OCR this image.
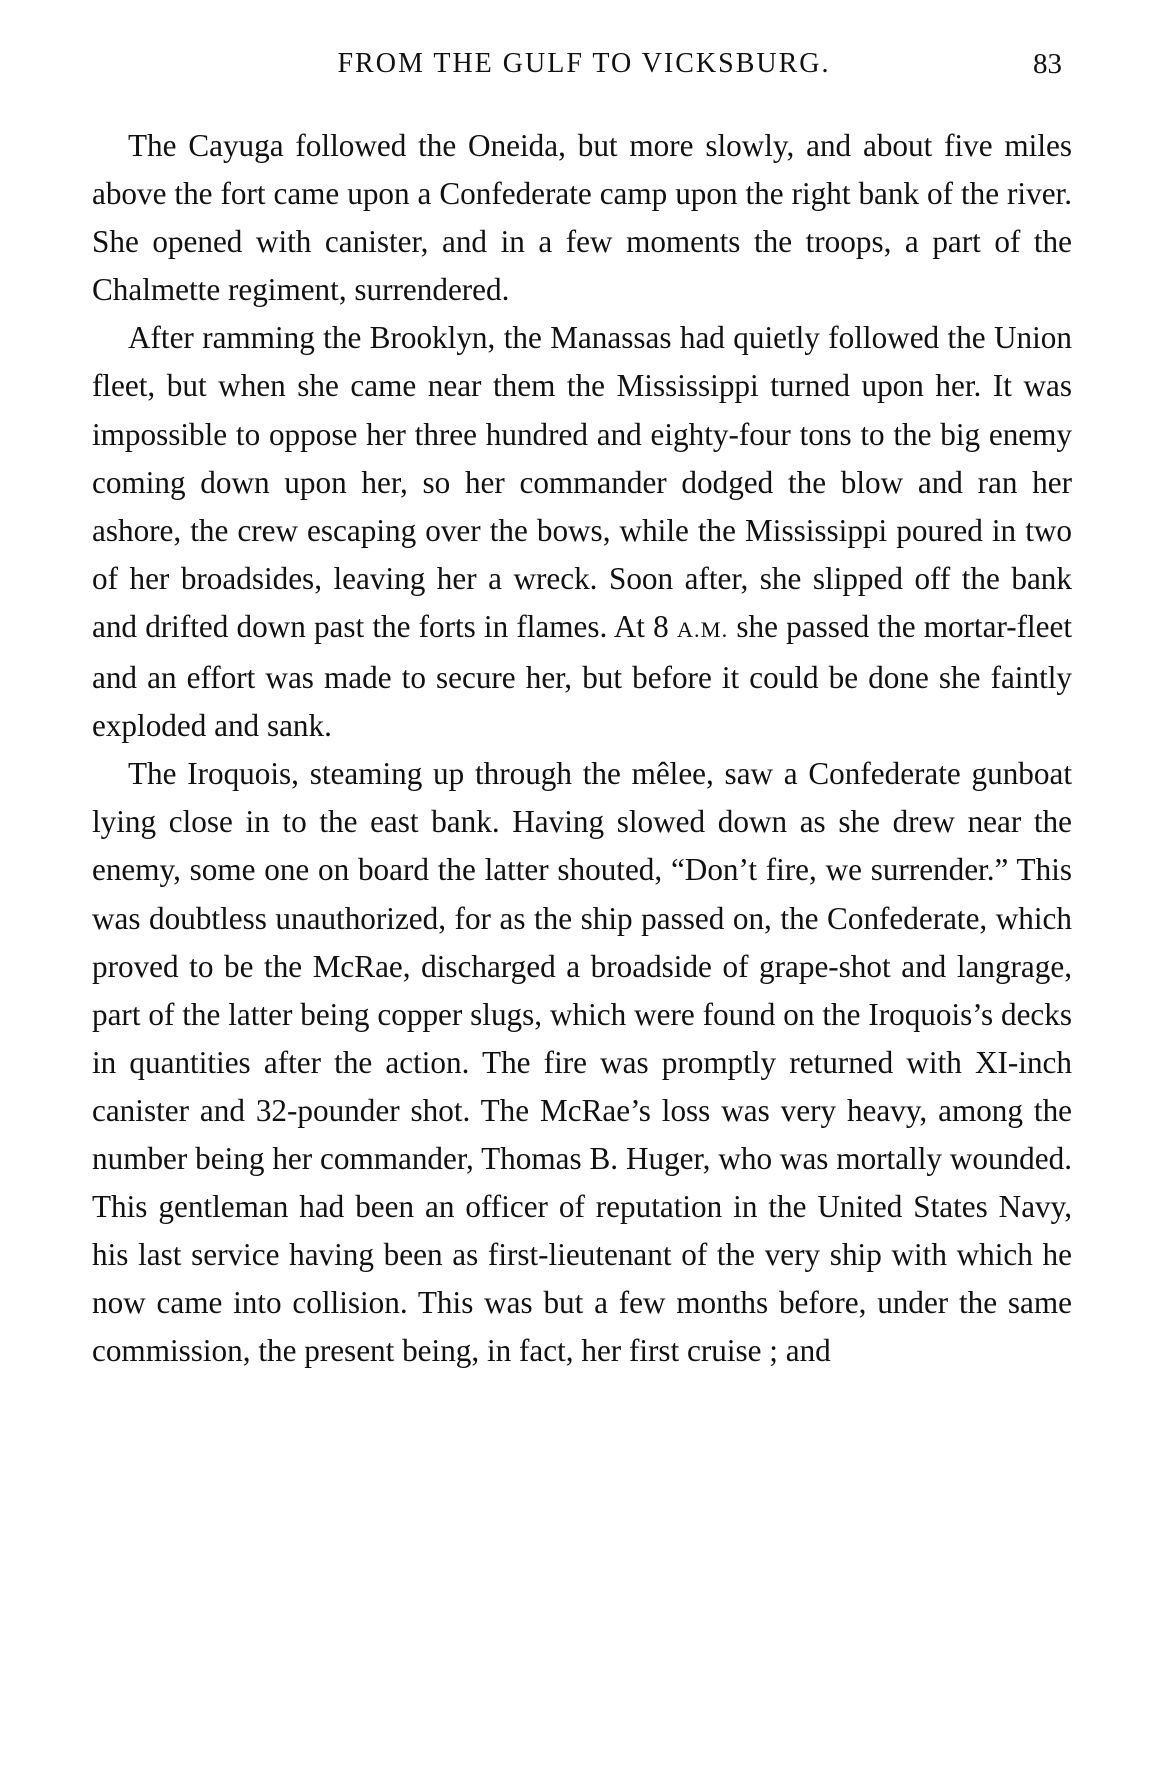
FROM THE GULF TO VICKSBURG.	83

The Cayuga followed the Oneida, but more slowly, and about five miles above the fort came upon a Confederate camp upon the right bank of the river. She opened with canister, and in a few moments the troops, a part of the Chalmette regiment, surrendered.

After ramming the Brooklyn, the Manassas had quietly followed the Union fleet, but when she came near them the Mississippi turned upon her. It was impossible to oppose her three hundred and eighty-four tons to the big enemy coming down upon her, so her commander dodged the blow and ran her ashore, the crew escaping over the bows, while the Mississippi poured in two of her broadsides, leaving her a wreck. Soon after, she slipped off the bank and drifted down past the forts in flames. At 8 A.M. she passed the mortar-fleet and an effort was made to secure her, but before it could be done she faintly exploded and sank.

The Iroquois, steaming up through the mêlee, saw a Confederate gunboat lying close in to the east bank. Having slowed down as she drew near the enemy, some one on board the latter shouted, “Don’t fire, we surrender.” This was doubtless unauthorized, for as the ship passed on, the Confederate, which proved to be the McRae, discharged a broadside of grape-shot and langrage, part of the latter being copper slugs, which were found on the Iroquois’s decks in quantities after the action. The fire was promptly returned with XI-inch canister and 32-pounder shot. The McRae’s loss was very heavy, among the number being her commander, Thomas B. Huger, who was mortally wounded. This gentleman had been an officer of reputation in the United States Navy, his last service having been as first-lieutenant of the very ship with which he now came into collision. This was but a few months before, under the same commission, the present being, in fact, her first cruise ; and
